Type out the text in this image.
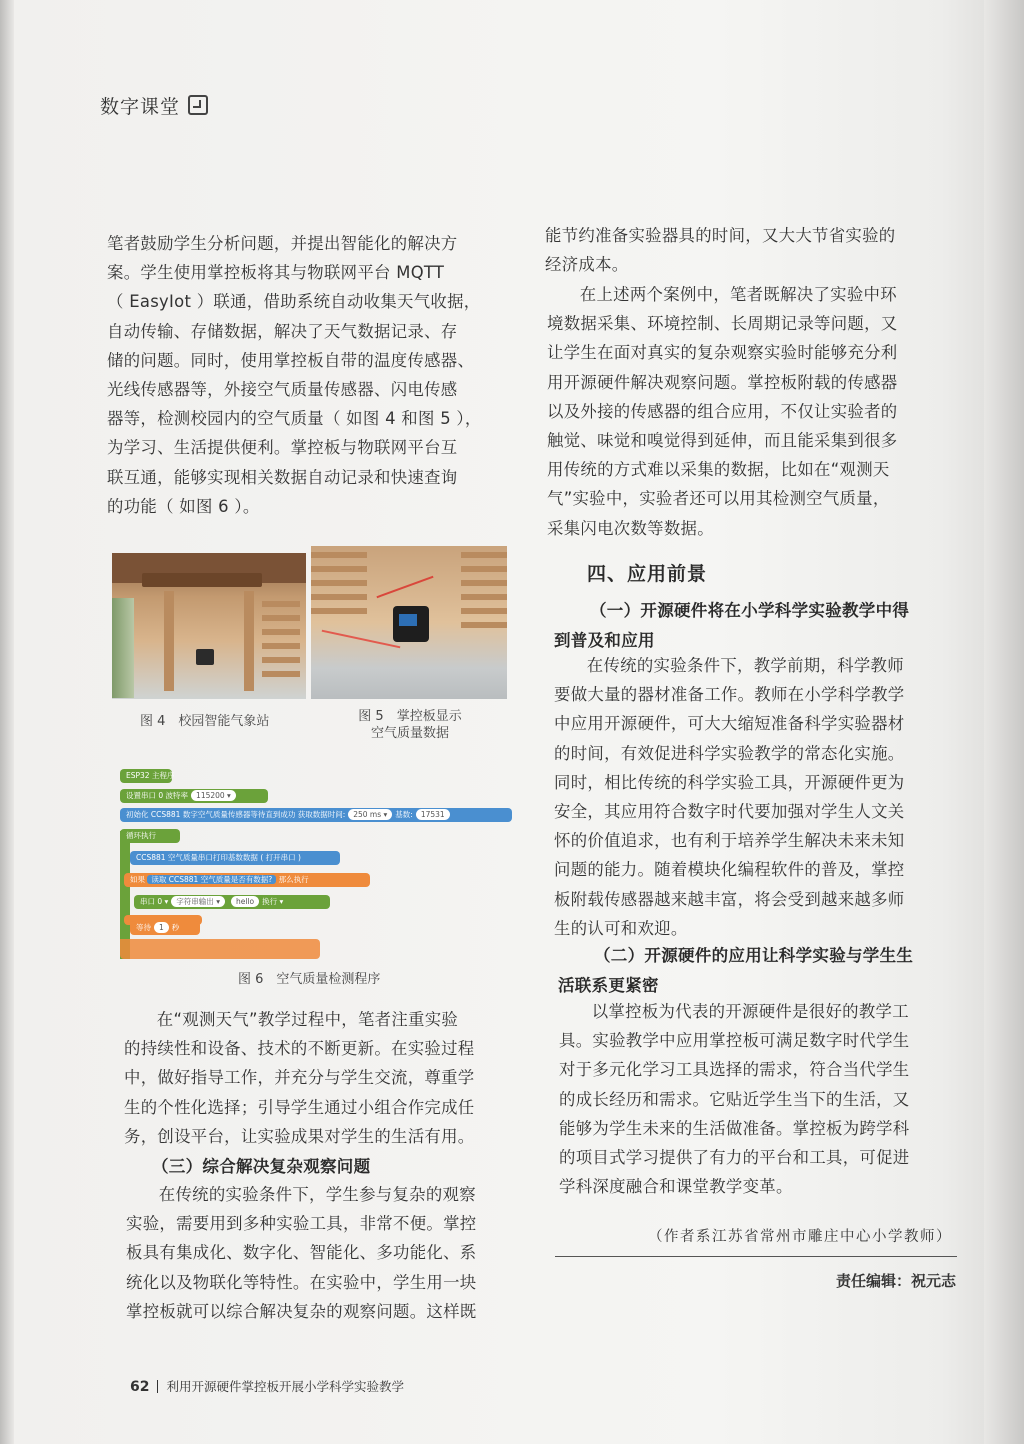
数字课堂
笔者鼓励学生分析问题，并提出智能化的解决方
案。学生使用掌控板将其与物联网平台 MQTT
（ EasyIot ）联通，借助系统自动收集天气收据，
自动传输、存储数据，解决了天气数据记录、存
储的问题。同时，使用掌控板自带的温度传感器、
光线传感器等，外接空气质量传感器、闪电传感
器等，检测校园内的空气质量（ 如图 4 和图 5 ），
为学习、生活提供便利。掌控板与物联网平台互
联互通，能够实现相关数据自动记录和快速查询
的功能（ 如图 6 ）。
图 4　校园智能气象站	图 5　掌控板显示
空气质量数据
ESP32 主程序
设置串口 0 波特率 115200 ▾
初始化 CCS881 数字空气质量传感器等待直到成功 获取数据时间: 250 ms ▾ 基数: 17531
循环执行
CCS881 空气质量串口打印基数数据 ( 打开串口 )
如果 读取 CCS881 空气质量是否有数据? 那么执行
串口 0 ▾ 字符串输出 ▾ hello 换行 ▾
等待 1 秒
图 6　空气质量检测程序
在“观测天气”教学过程中，笔者注重实验
的持续性和设备、技术的不断更新。在实验过程
中，做好指导工作，并充分与学生交流，尊重学
生的个性化选择；引导学生通过小组合作完成任
务，创设平台，让实验成果对学生的生活有用。
（三）综合解决复杂观察问题
在传统的实验条件下，学生参与复杂的观察
实验，需要用到多种实验工具，非常不便。掌控
板具有集成化、数字化、智能化、多功能化、系
统化以及物联化等特性。在实验中，学生用一块
掌控板就可以综合解决复杂的观察问题。这样既
能节约准备实验器具的时间，又大大节省实验的
经济成本。
在上述两个案例中，笔者既解决了实验中环
境数据采集、环境控制、长周期记录等问题，又
让学生在面对真实的复杂观察实验时能够充分利
用开源硬件解决观察问题。掌控板附载的传感器
以及外接的传感器的组合应用，不仅让实验者的
触觉、味觉和嗅觉得到延伸，而且能采集到很多
用传统的方式难以采集的数据，比如在“观测天
气”实验中，实验者还可以用其检测空气质量，
采集闪电次数等数据。
四、应用前景
（一）开源硬件将在小学科学实验教学中得
到普及和应用
在传统的实验条件下，教学前期，科学教师
要做大量的器材准备工作。教师在小学科学教学
中应用开源硬件，可大大缩短准备科学实验器材
的时间，有效促进科学实验教学的常态化实施。
同时，相比传统的科学实验工具，开源硬件更为
安全，其应用符合数字时代要加强对学生人文关
怀的价值追求，也有利于培养学生解决未来未知
问题的能力。随着模块化编程软件的普及，掌控
板附载传感器越来越丰富，将会受到越来越多师
生的认可和欢迎。
（二）开源硬件的应用让科学实验与学生生
活联系更紧密
以掌控板为代表的开源硬件是很好的教学工
具。实验教学中应用掌控板可满足数字时代学生
对于多元化学习工具选择的需求，符合当代学生
的成长经历和需求。它贴近学生当下的生活，又
能够为学生未来的生活做准备。掌控板为跨学科
的项目式学习提供了有力的平台和工具，可促进
学科深度融合和课堂教学变革。
（作者系江苏省常州市雕庄中心小学教师）
责任编辑：祝元志
62 利用开源硬件掌控板开展小学科学实验教学
